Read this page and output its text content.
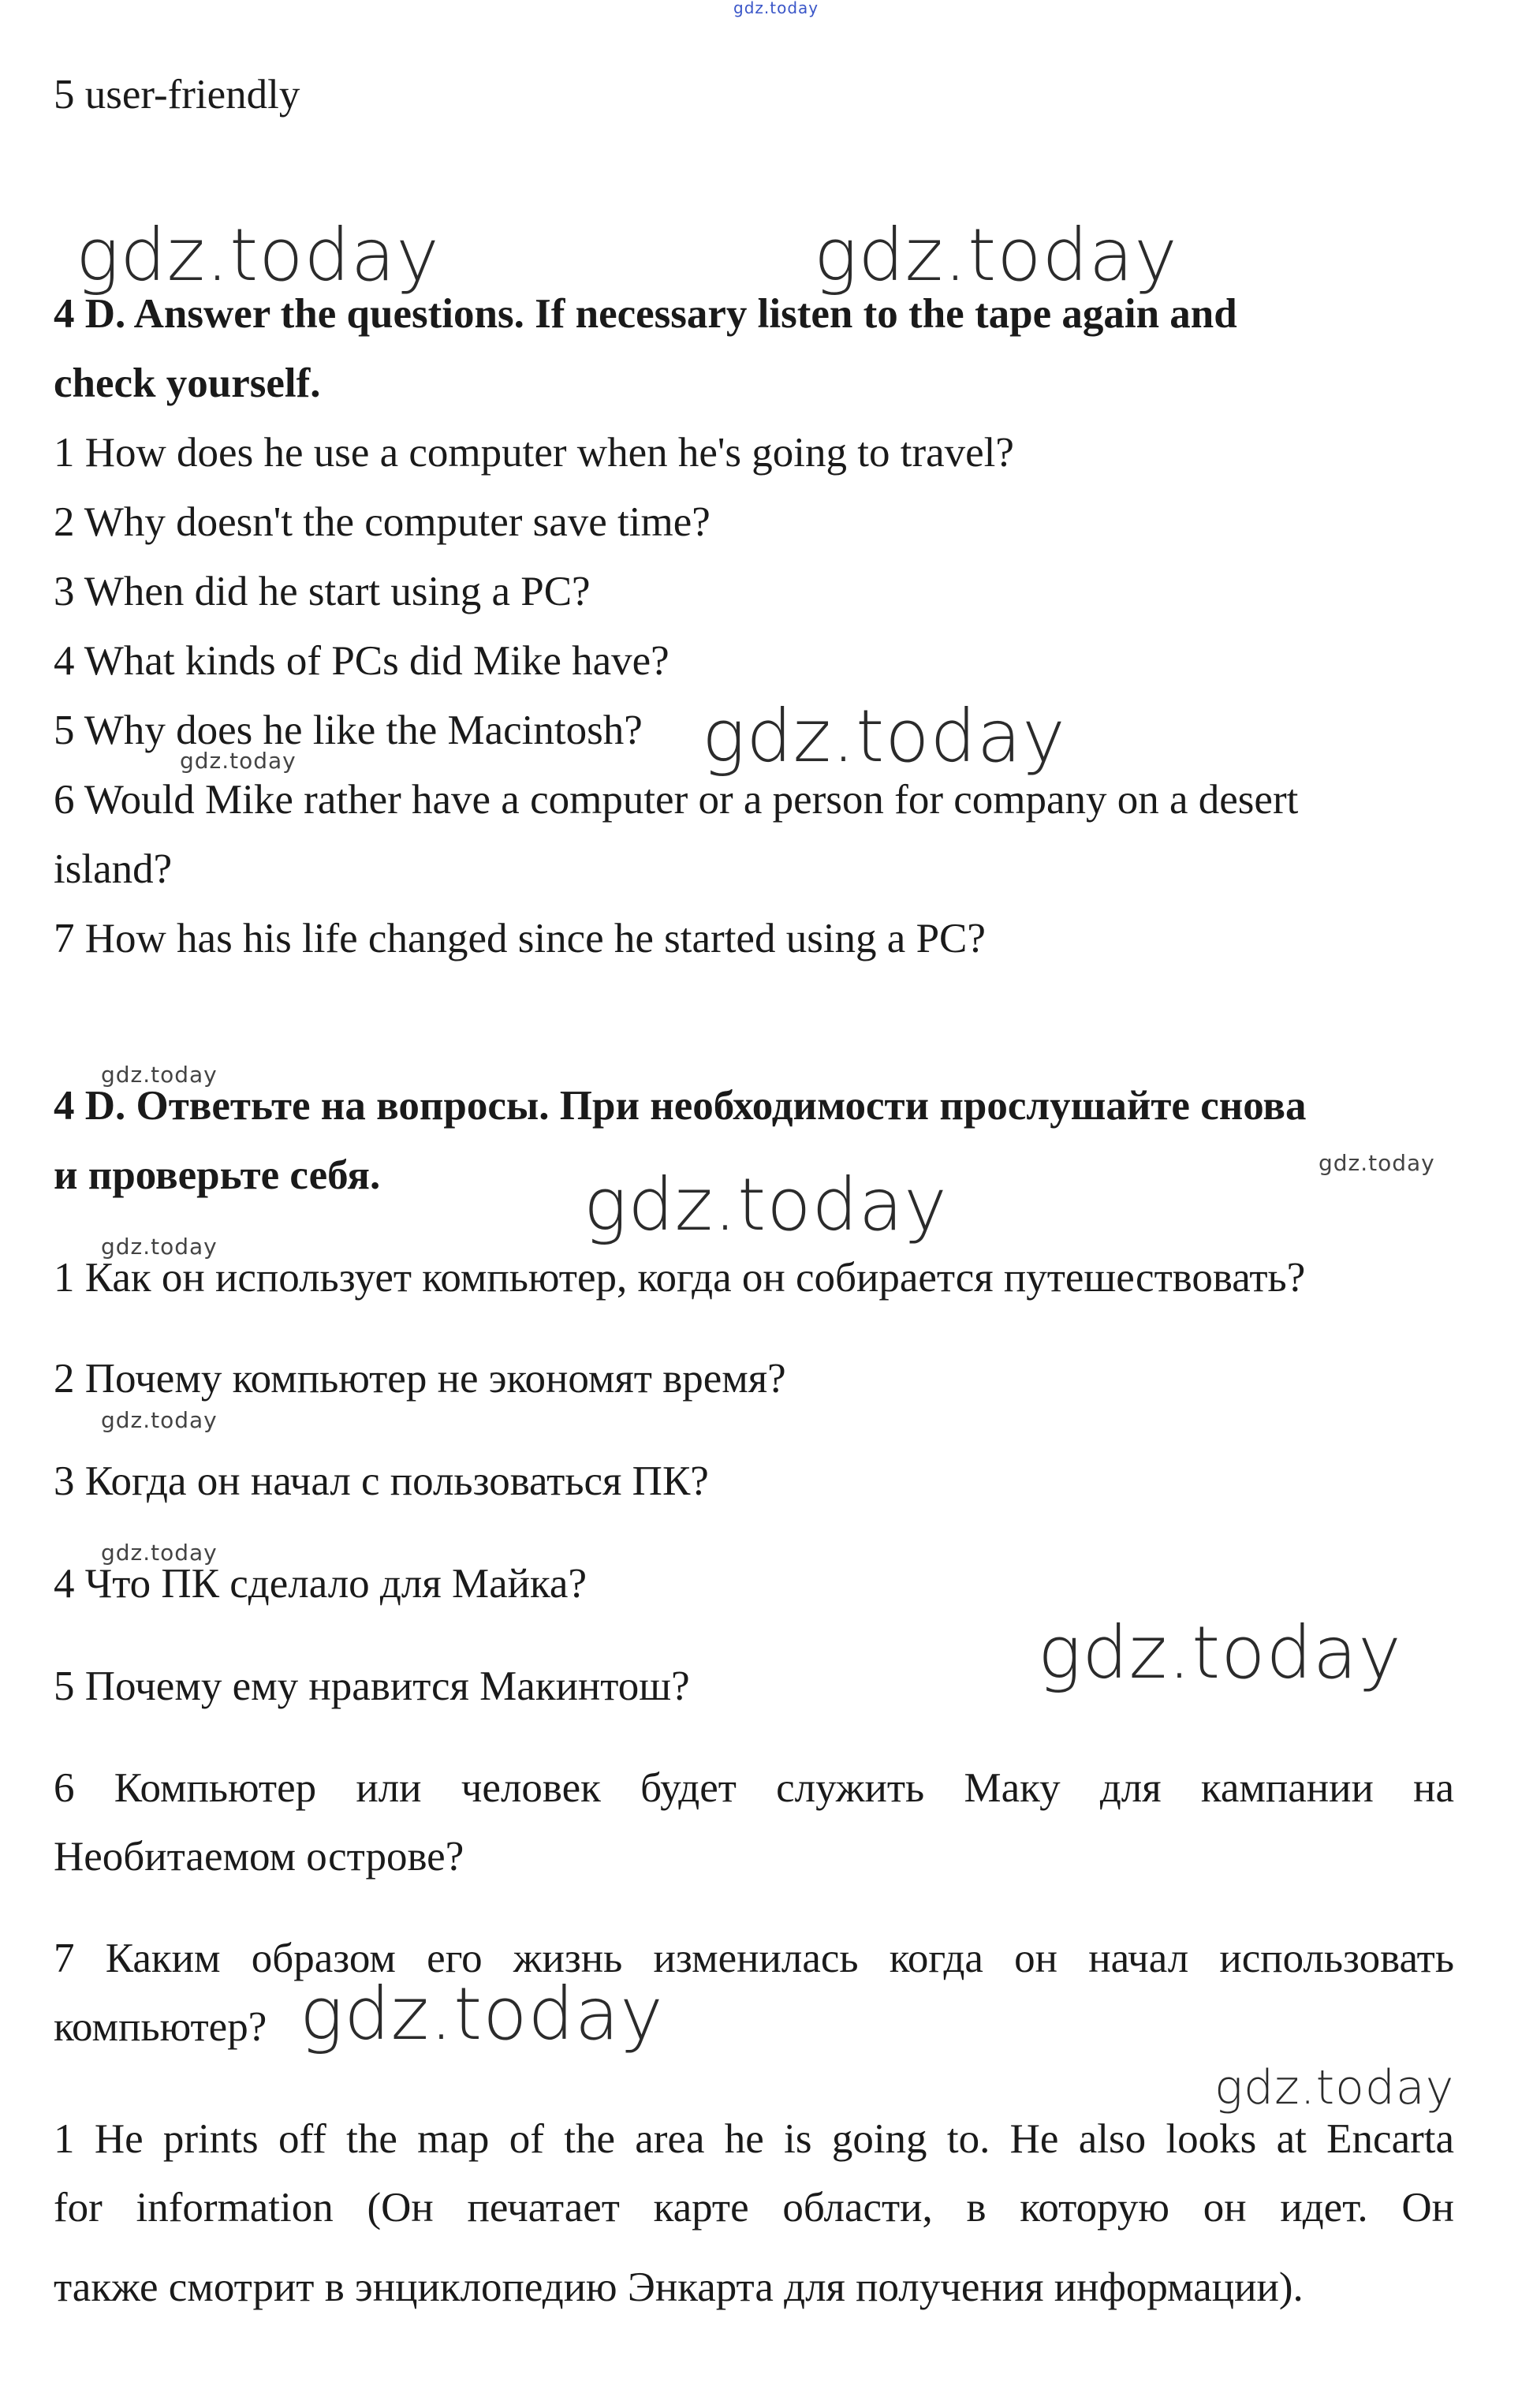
gdz.today
5 user-friendly
gdz.today	gdz.today
4 D. Answer the questions. If necessary listen to the tape again and
check yourself.
1 How does he use a computer when he's going to travel?
2 Why doesn't the computer save time?
3 When did he start using a PC?
4 What kinds of PCs did Mike have?
5 Why does he like the Macintosh? gdz.today
gdz.today
6 Would Mike rather have a computer or a person for company on a desert
island?
7 How has his life changed since he started using a PC?
gdz.today
4 D. Ответьте на вопросы. При необходимости прослушайте снова
gdz.today
и проверьте себя.	gdz.today
gdz.today
1 Как он использует компьютер, когда он собирается путешествовать?
2 Почему компьютер не экономят время?
gdz.today
3 Когда он начал с пользоваться ПК?
gdz.today
4 Что ПК сделало для Майка?
gdz.today
5 Почему ему нравится Макинтош?
6 Компьютер или человек будет служить Маку для кампании на
Необитаемом острове?
7 Каким образом его жизнь изменилась когда он начал использовать
компьютер? gdz.today
gdz.today
1 He prints off the map of the area he is going to. He also looks at Encarta
for information (Он печатает карте области, в которую он идет. Он
также смотрит в энциклопедию Энкарта для получения информации).
